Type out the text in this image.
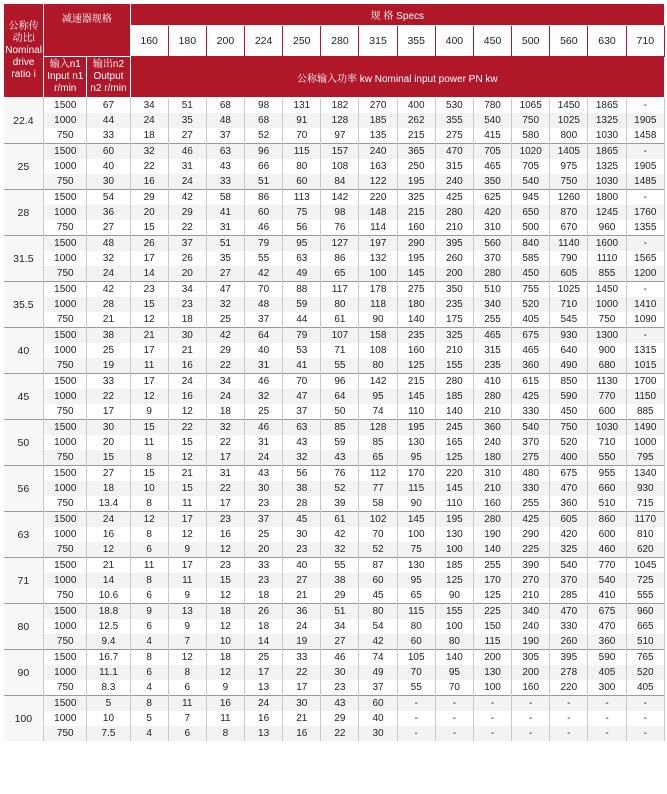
公称传动比i Nominal drive ratio i	减速器规格		规 格 Specs													
			160	180	200	224	250	280	315	355	400	450	500	560	630	710
	输入n1 Input n1 r/min	输出n2 Output n2 r/min	公称输入功率 kw Nominal input power PN kw													
22.4	1500	67	34	51	68	98	131	182	270	400	530	780	1065	1450	1865	-
	1000	44	24	35	48	68	91	128	185	262	355	540	750	1025	1325	1905
	750	33	18	27	37	52	70	97	135	215	275	415	580	800	1030	1458
25	1500	60	32	46	63	96	115	157	240	365	470	705	1020	1405	1865	-
	1000	40	22	31	43	66	80	108	163	250	315	465	705	975	1325	1905
	750	30	16	24	33	51	60	84	122	195	240	350	540	750	1030	1485
28	1500	54	29	42	58	86	113	142	220	325	425	625	945	1260	1800	-
	1000	36	20	29	41	60	75	98	148	215	280	420	650	870	1245	1760
	750	27	15	22	31	46	56	76	114	160	210	310	500	670	960	1355
31.5	1500	48	26	37	51	79	95	127	197	290	395	560	840	1140	1600	-
	1000	32	17	26	35	55	63	86	132	195	260	370	585	790	1110	1565
	750	24	14	20	27	42	49	65	100	145	200	280	450	605	855	1200
35.5	1500	42	23	34	47	70	88	117	178	275	350	510	755	1025	1450	-
	1000	28	15	23	32	48	59	80	118	180	235	340	520	710	1000	1410
	750	21	12	18	25	37	44	61	90	140	175	255	405	545	750	1090
40	1500	38	21	30	42	64	79	107	158	235	325	465	675	930	1300	-
	1000	25	17	21	29	40	53	71	108	160	210	315	465	640	900	1315
	750	19	11	16	22	31	41	55	80	125	155	235	360	490	680	1015
45	1500	33	17	24	34	46	70	96	142	215	280	410	615	850	1130	1700
	1000	22	12	16	24	32	47	64	95	145	185	280	425	590	770	1150
	750	17	9	12	18	25	37	50	74	110	140	210	330	450	600	885
50	1500	30	15	22	32	46	63	85	128	195	245	360	540	750	1030	1490
	1000	20	11	15	22	31	43	59	85	130	165	240	370	520	710	1000
	750	15	8	12	17	24	32	43	65	95	125	180	275	400	550	795
56	1500	27	15	21	31	43	56	76	112	170	220	310	480	675	955	1340
	1000	18	10	15	22	30	38	52	77	115	145	210	330	470	660	930
	750	13.4	8	11	17	23	28	39	58	90	110	160	255	360	510	715
63	1500	24	12	17	23	37	45	61	102	145	195	280	425	605	860	1170
	1000	16	8	12	16	25	30	42	70	100	130	190	290	420	600	810
	750	12	6	9	12	20	23	32	52	75	100	140	225	325	460	620
71	1500	21	11	17	23	33	40	55	87	130	185	255	390	540	770	1045
	1000	14	8	11	15	23	27	38	60	95	125	170	270	370	540	725
	750	10.6	6	9	12	18	21	29	45	65	90	125	210	285	410	555
80	1500	18.8	9	13	18	26	36	51	80	115	155	225	340	470	675	960
	1000	12.5	6	9	12	18	24	34	54	80	100	150	240	330	470	665
	750	9.4	4	7	10	14	19	27	42	60	80	115	190	260	360	510
90	1500	16.7	8	12	18	25	33	46	74	105	140	200	305	395	590	765
	1000	11.1	6	8	12	17	22	30	49	70	95	130	200	278	405	520
	750	8.3	4	6	9	13	17	23	37	55	70	100	160	220	300	405
100	1500	5	8	11	16	24	30	43	60	-	-	-	-	-	-	-
	1000	10	5	7	11	16	21	29	40	-	-	-	-	-	-	-
	750	7.5	4	6	8	13	16	22	30	-	-	-	-	-	-	-
